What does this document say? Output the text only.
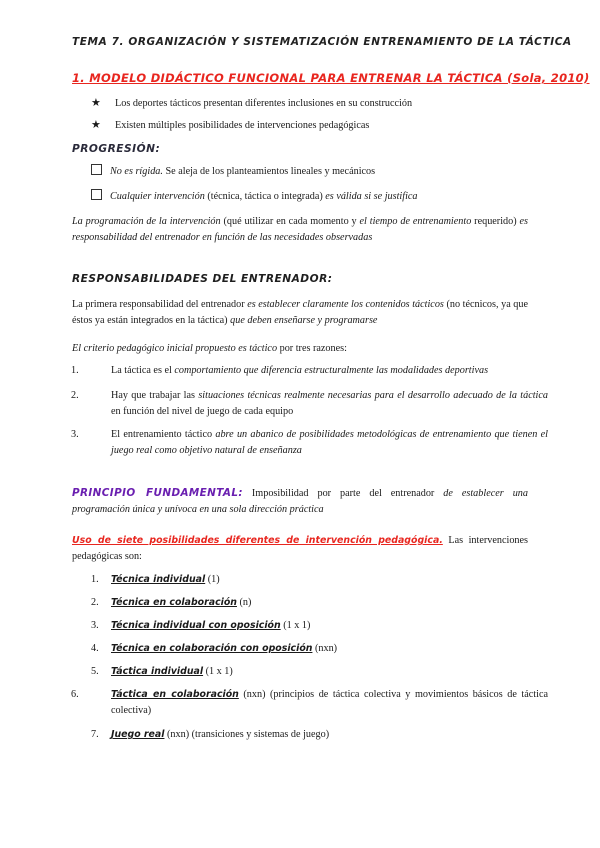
TEMA 7. ORGANIZACIÓN Y SISTEMATIZACIÓN ENTRENAMIENTO DE LA TÁCTICA
1. MODELO DIDÁCTICO FUNCIONAL PARA ENTRENAR LA TÁCTICA (Sola, 2010)
★ Los deportes tácticos presentan diferentes inclusiones en su construcción
★ Existen múltiples posibilidades de intervenciones pedagógicas
PROGRESIÓN:
No es rígida. Se aleja de los planteamientos lineales y mecánicos
Cualquier intervención (técnica, táctica o integrada) es válida si se justifica
La programación de la intervención (qué utilizar en cada momento y el tiempo de entrenamiento requerido) es responsabilidad del entrenador en función de las necesidades observadas
RESPONSABILIDADES DEL ENTRENADOR:
La primera responsabilidad del entrenador es establecer claramente los contenidos tácticos (no técnicos, ya que éstos ya están integrados en la táctica) que deben enseñarse y programarse
El criterio pedagógico inicial propuesto es táctico por tres razones:
1.	La táctica es el comportamiento que diferencia estructuralmente las modalidades deportivas
2.	Hay que trabajar las situaciones técnicas realmente necesarias para el desarrollo adecuado de la táctica en función del nivel de juego de cada equipo
3.	El entrenamiento táctico abre un abanico de posibilidades metodológicas de entrenamiento que tienen el juego real como objetivo natural de enseñanza
PRINCIPIO FUNDAMENTAL: Imposibilidad por parte del entrenador de establecer una programación única y unívoca en una sola dirección práctica
Uso de siete posibilidades diferentes de intervención pedagógica. Las intervenciones pedagógicas son:
1. Técnica individual (1)
2. Técnica en colaboración (n)
3. Técnica individual con oposición (1 x 1)
4. Técnica en colaboración con oposición (nxn)
5. Táctica individual (1 x 1)
6.	Táctica en colaboración (nxn) (principios de táctica colectiva y movimientos básicos de táctica colectiva)
7. Juego real (nxn) (transiciones y sistemas de juego)
